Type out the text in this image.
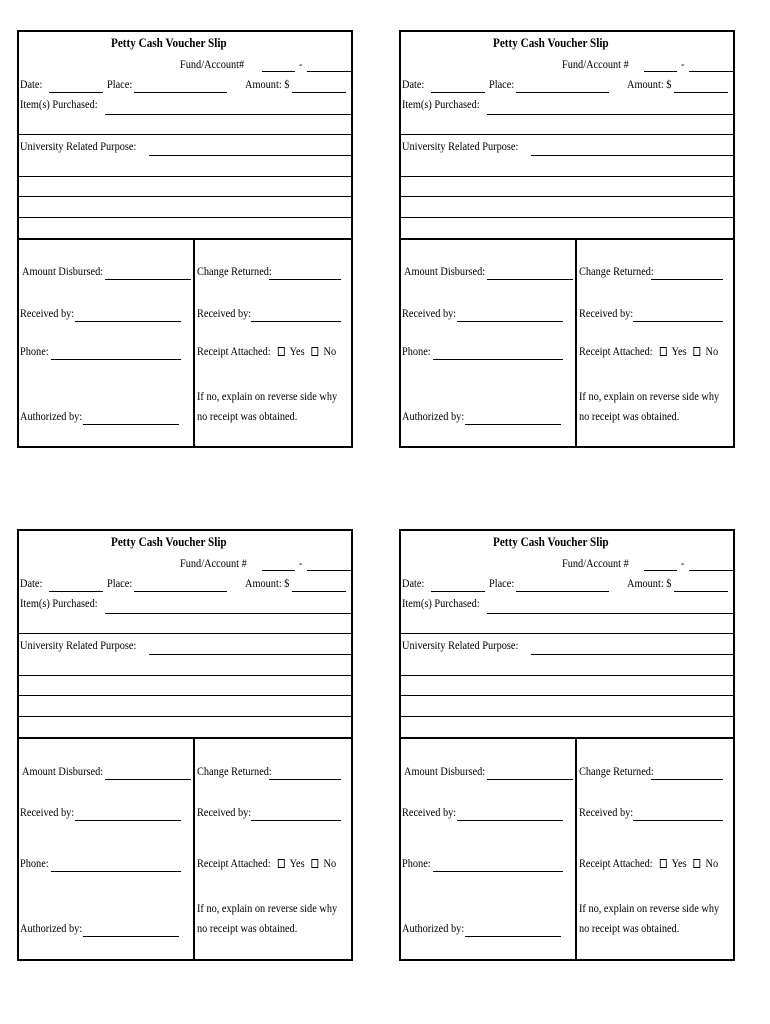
Petty Cash Voucher Slip
Fund/Account#	-
Date:	Place:	Amount: $
Item(s) Purchased:
University Related Purpose:
Amount Disbursed:	Change Returned:
Received by:	Received by:
Phone:	Receipt Attached: Yes No
If no, explain on reverse side why
no receipt was obtained.
Authorized by:
Petty Cash Voucher Slip
Fund/Account #	-
Date:	Place:	Amount: $
Item(s) Purchased:
University Related Purpose:
Amount Disbursed:	Change Returned:
Received by:	Received by:
Phone:	Receipt Attached: Yes No
If no, explain on reverse side why
no receipt was obtained.
Authorized by:
Petty Cash Voucher Slip
Fund/Account #	-
Date:	Place:	Amount: $
Item(s) Purchased:
University Related Purpose:
Amount Disbursed:	Change Returned:
Received by:	Received by:
Phone:	Receipt Attached: Yes No
If no, explain on reverse side why
no receipt was obtained.
Authorized by:
Petty Cash Voucher Slip
Fund/Account #	-
Date:	Place:	Amount: $
Item(s) Purchased:
University Related Purpose:
Amount Disbursed:	Change Returned:
Received by:	Received by:
Phone:	Receipt Attached: Yes No
If no, explain on reverse side why
no receipt was obtained.
Authorized by:
